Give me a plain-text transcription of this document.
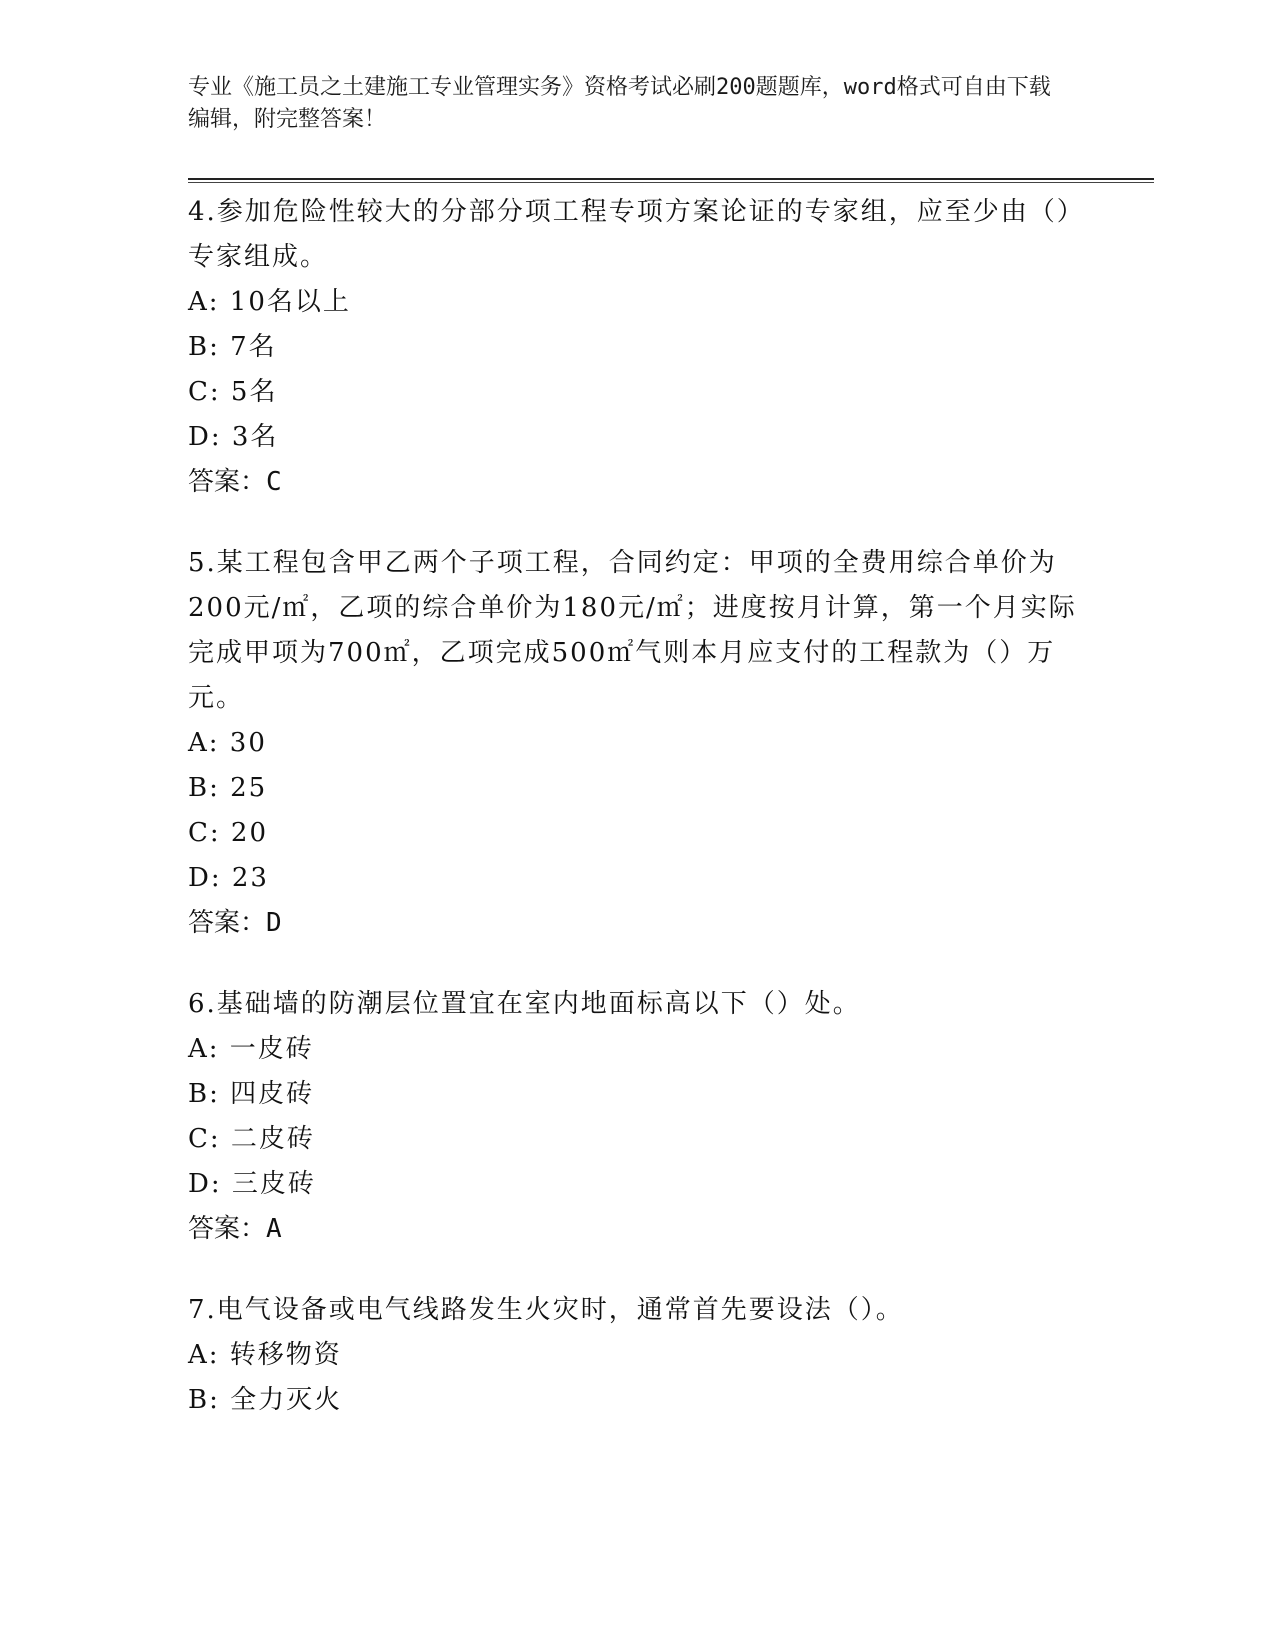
专业《施工员之土建施工专业管理实务》资格考试必刷200题题库，word格式可自由下载编辑，附完整答案！

4.参加危险性较大的分部分项工程专项方案论证的专家组，应至少由（）专家组成。

A: 10名以上

B: 7名

C: 5名

D: 3名

答案：C

5.某工程包含甲乙两个子项工程，合同约定：甲项的全费用综合单价为200元/㎡，乙项的综合单价为180元/㎡；进度按月计算，第一个月实际完成甲项为700㎡，乙项完成500㎡气则本月应支付的工程款为（）万元。

A: 30

B: 25

C: 20

D: 23

答案：D

6.基础墙的防潮层位置宜在室内地面标高以下（）处。

A: 一皮砖

B: 四皮砖

C: 二皮砖

D: 三皮砖

答案：A

7.电气设备或电气线路发生火灾时，通常首先要设法（）。

A: 转移物资

B: 全力灭火
